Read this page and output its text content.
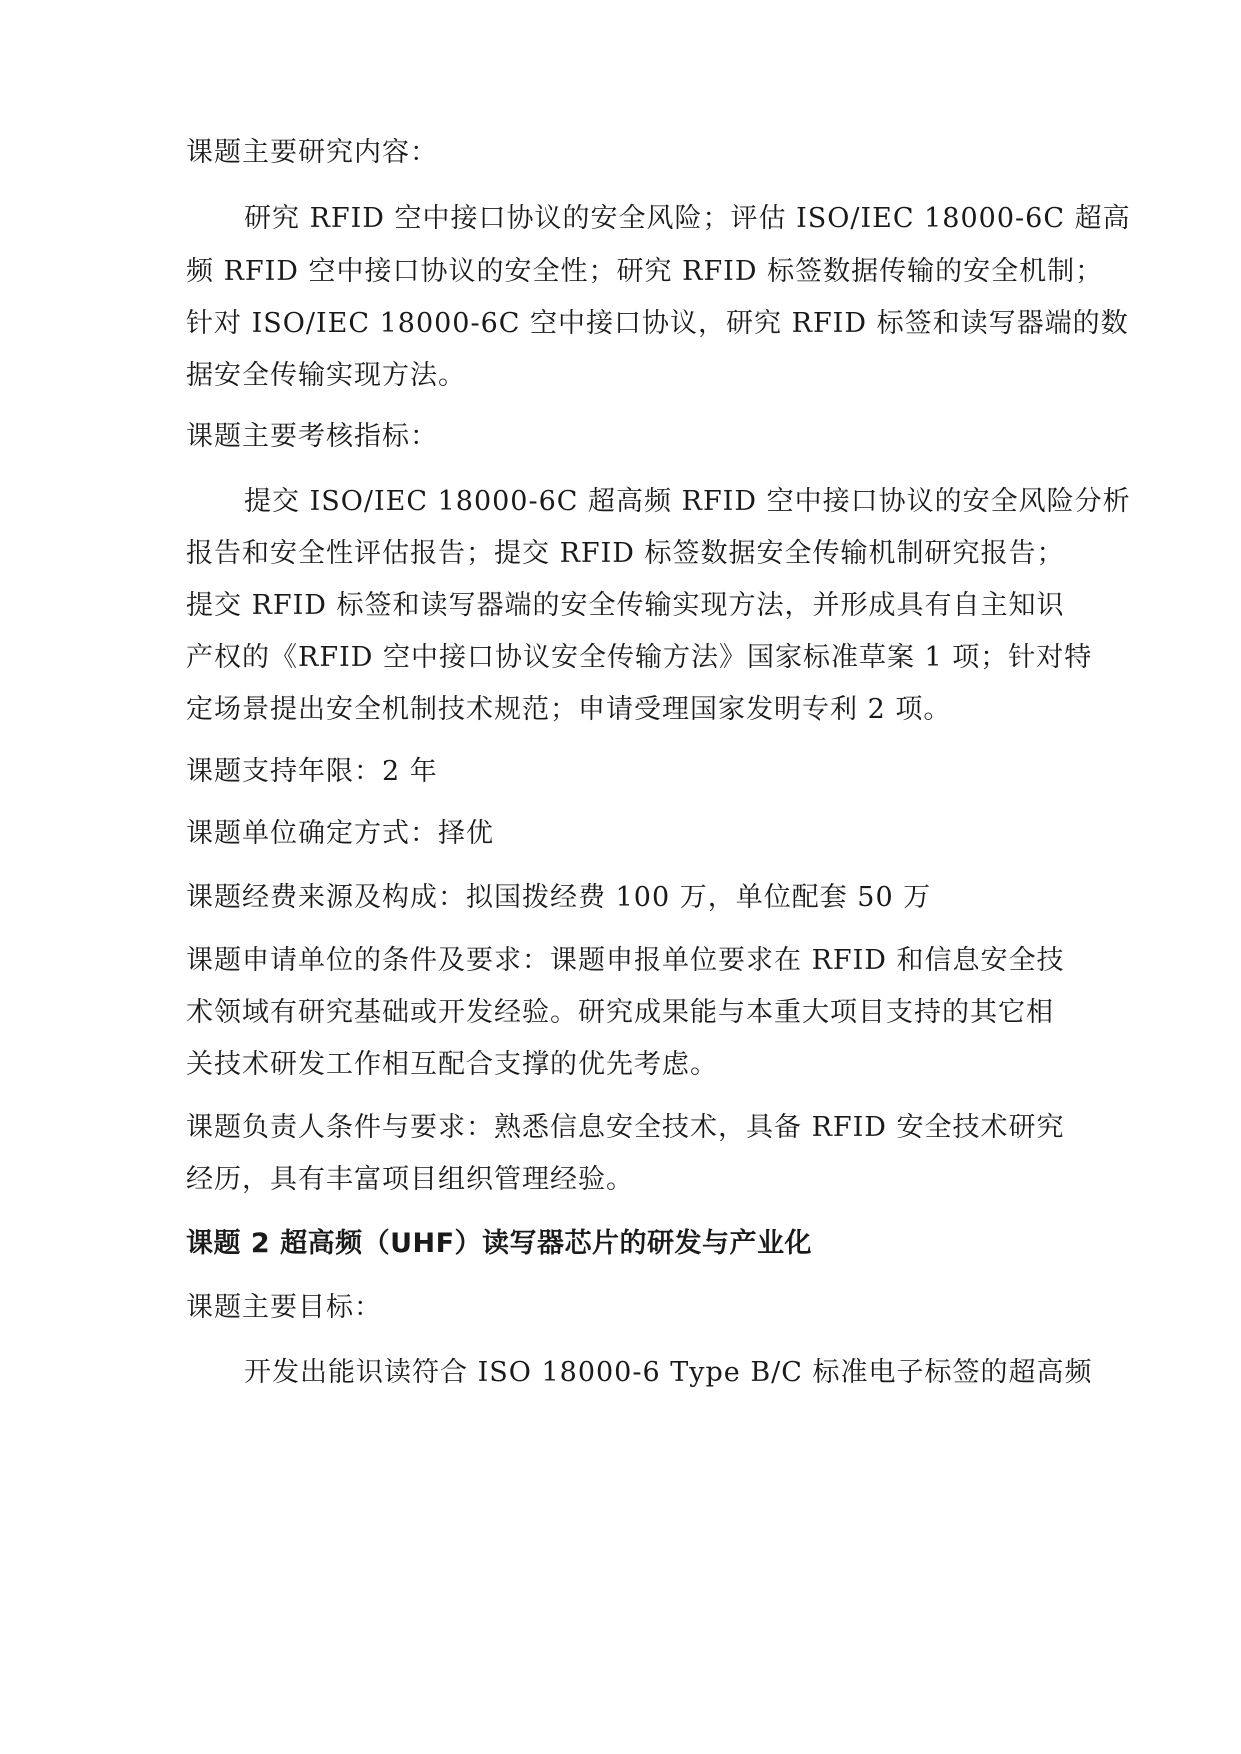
课题主要研究内容：
研究 RFID 空中接口协议的安全风险；评估 ISO/IEC 18000-6C 超高
频 RFID 空中接口协议的安全性；研究 RFID 标签数据传输的安全机制；
针对 ISO/IEC 18000-6C 空中接口协议，研究 RFID 标签和读写器端的数
据安全传输实现方法。
课题主要考核指标：
提交 ISO/IEC 18000-6C 超高频 RFID 空中接口协议的安全风险分析
报告和安全性评估报告；提交 RFID 标签数据安全传输机制研究报告；
提交 RFID 标签和读写器端的安全传输实现方法，并形成具有自主知识
产权的《RFID 空中接口协议安全传输方法》国家标准草案 1 项；针对特
定场景提出安全机制技术规范；申请受理国家发明专利 2 项。
课题支持年限：2 年
课题单位确定方式：择优
课题经费来源及构成：拟国拨经费 100 万，单位配套 50 万
课题申请单位的条件及要求：课题申报单位要求在 RFID 和信息安全技
术领域有研究基础或开发经验。研究成果能与本重大项目支持的其它相
关技术研发工作相互配合支撑的优先考虑。
课题负责人条件与要求：熟悉信息安全技术，具备 RFID 安全技术研究
经历，具有丰富项目组织管理经验。
课题 2 超高频（UHF）读写器芯片的研发与产业化
课题主要目标：
开发出能识读符合 ISO 18000-6 Type B/C 标准电子标签的超高频
